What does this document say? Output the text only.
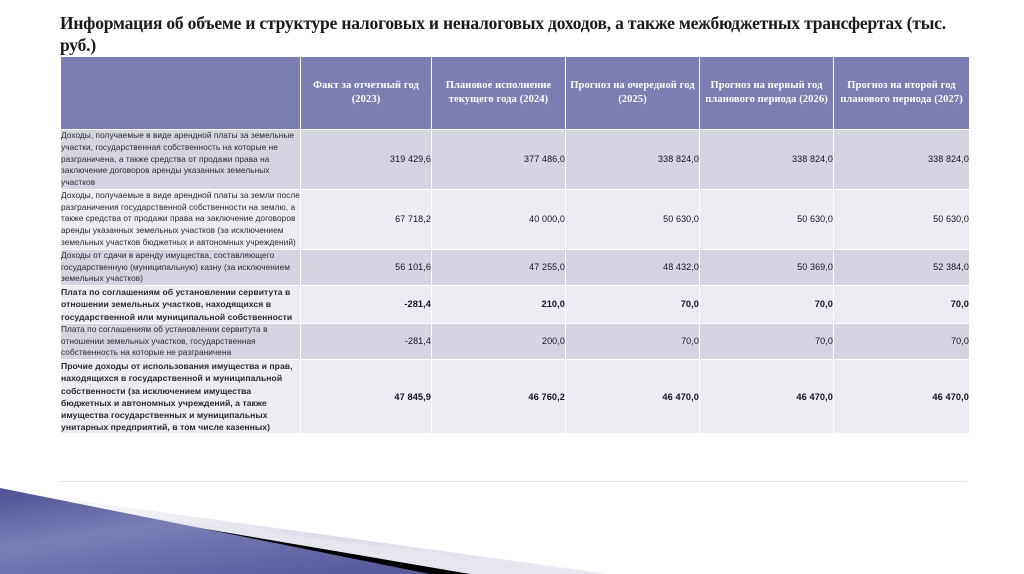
Информация об объеме и структуре налоговых и неналоговых доходов, а также межбюджетных трансфертах (тыс. руб.)
	Факт за отчетный год (2023)	Плановое исполнение текущего года (2024)	Прогноз на очередной год (2025)	Прогноз на первый год планового периода (2026)	Прогноз на второй год планового периода (2027)
Доходы, получаемые в виде арендной платы за земельные участки, государственная собственность на которые не разграничена, а также средства от продажи права на заключение договоров аренды указанных земельных участков	319 429,6	377 486,0	338 824,0	338 824,0	338 824,0
Доходы, получаемые в виде арендной платы за земли после разграничения государственной собственности на землю, а также средства от продажи права на заключение договоров аренды указанных земельных участков (за исключением земельных участков бюджетных и автономных учреждений)	67 718,2	40 000,0	50 630,0	50 630,0	50 630,0
Доходы от сдачи в аренду имущества, составляющего государственную (муниципальную) казну (за исключением земельных участков)	56 101,6	47 255,0	48 432,0	50 369,0	52 384,0
Плата по соглашениям об установлении сервитута в отношении земельных участков, находящихся в государственной или муниципальной собственности	-281,4	210,0	70,0	70,0	70,0
Плата по соглашениям об установлении сервитута в отношении земельных участков, государственная собственность на которые не разграничена	-281,4	200,0	70,0	70,0	70,0
Прочие доходы от использования имущества и прав, находящихся в государственной и муниципальной собственности (за исключением имущества бюджетных и автономных учреждений, а также имущества государственных и муниципальных унитарных предприятий, в том числе казенных)	47 845,9	46 760,2	46 470,0	46 470,0	46 470,0
